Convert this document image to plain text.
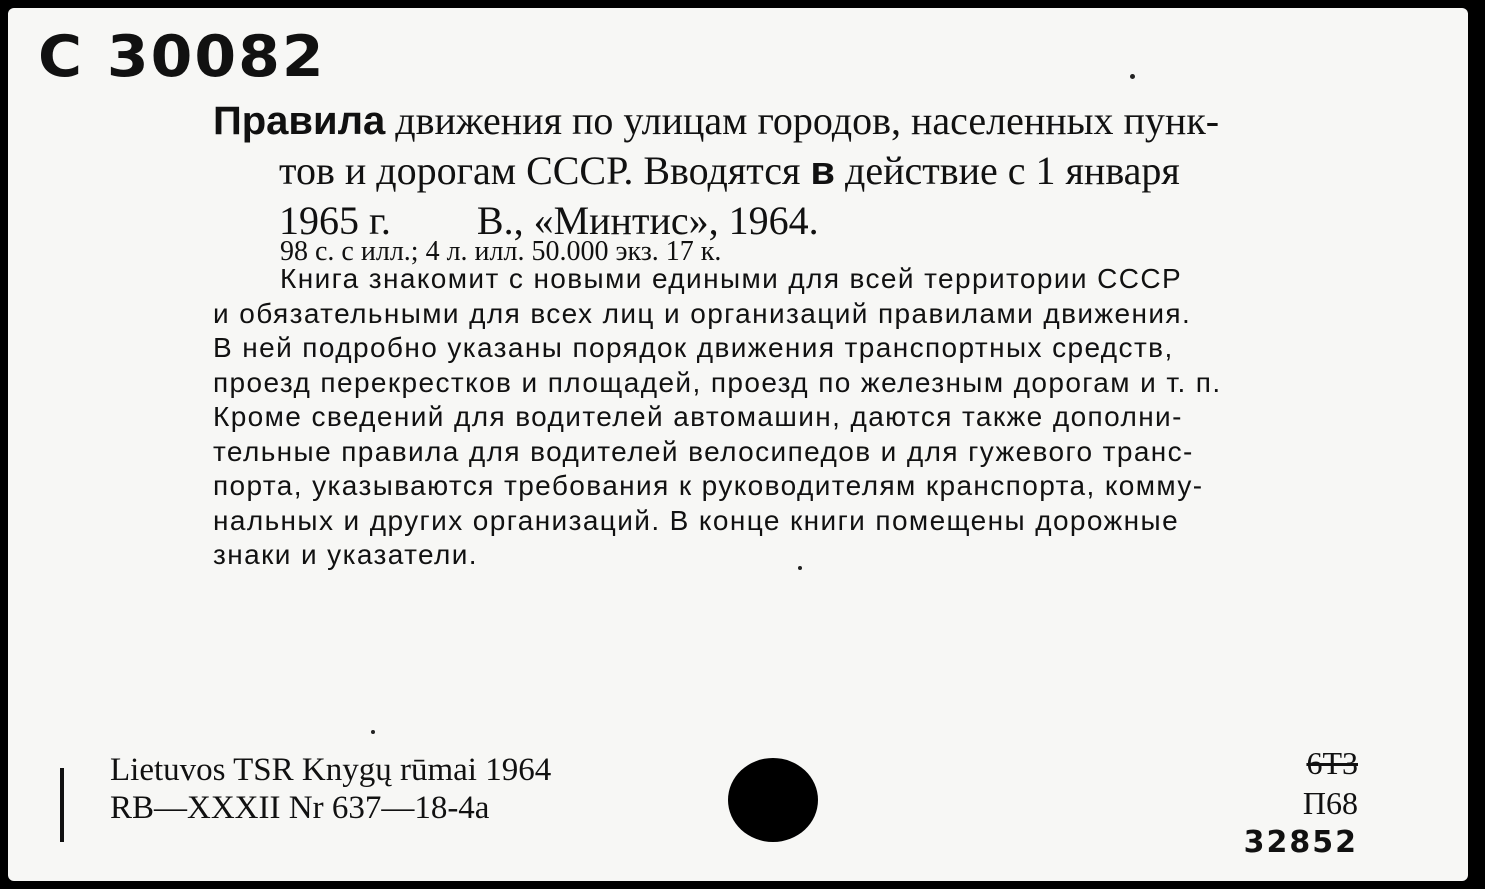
C 30082
Правила движения по улицам городов, населенных пунк-
тов и дорогам СССР. Вводятся в действие с 1 января
1965 г. В., «Минтис», 1964.
98 с. с илл.; 4 л. илл. 50.000 экз. 17 к.
Книга знакомит с новыми едиными для всей территории СССР
и обязательными для всех лиц и организаций правилами движения.
В ней подробно указаны порядок движения транспортных средств,
проезд перекрестков и площадей, проезд по железным дорогам и т. п.
Кроме сведений для водителей автомашин, даются также дополни-
тельные правила для водителей велосипедов и для гужевого транс-
порта, указываются требования к руководителям кранспорта, комму-
нальных и других организаций. В конце книги помещены дорожные
знаки и указатели.
Lietuvos TSR Knygų rūmai 1964
RB—XXXII Nr 637—18-4a
6Т3
П68
32852
